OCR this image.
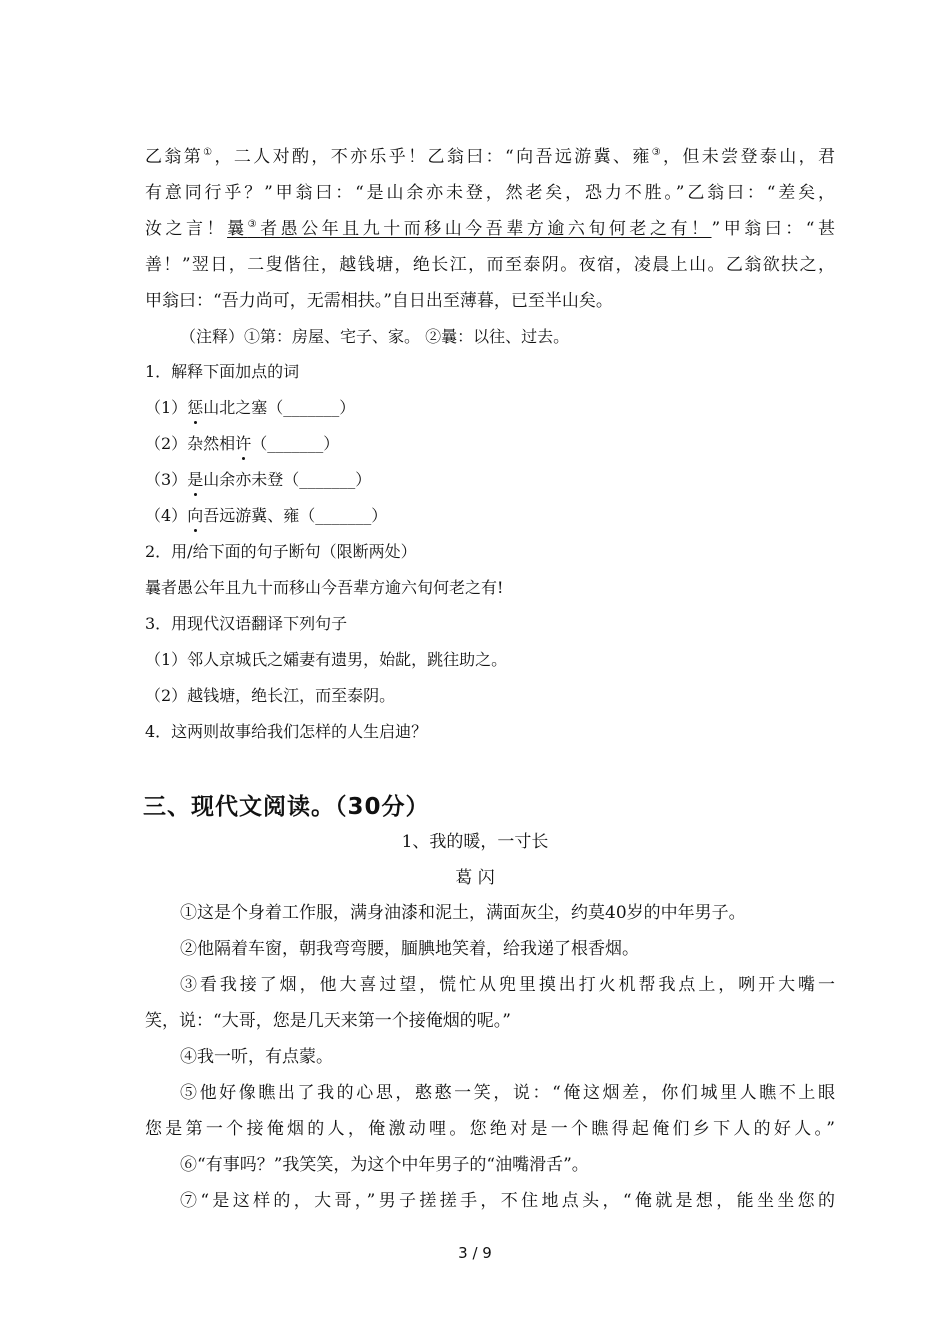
乙翁第①，二人对酌，不亦乐乎！乙翁曰：“向吾远游冀、雍③，但未尝登泰山，君
有意同行乎？”甲翁曰：“是山余亦未登，然老矣，恐力不胜。”乙翁曰：“差矣，
汝之言！曩③者愚公年且九十而移山今吾辈方逾六旬何老之有！”甲翁曰：“甚
善！”翌日，二叟偕往，越钱塘，绝长江，而至泰阴。夜宿，凌晨上山。乙翁欲扶之，
甲翁曰：“吾力尚可，无需相扶。”自日出至薄暮，已至半山矣。
（注释）①第：房屋、宅子、家。 ②曩：以往、过去。
1．解释下面加点的词
（1）惩山北之塞（_______）
（2）杂然相许（_______）
（3）是山余亦未登（_______）
（4）向吾远游冀、雍（_______）
2．用/给下面的句子断句（限断两处）
曩者愚公年且九十而移山今吾辈方逾六旬何老之有!
3．用现代汉语翻译下列句子
（1）邻人京城氏之孀妻有遗男，始龀，跳往助之。
（2）越钱塘，绝长江，而至泰阴。
4．这两则故事给我们怎样的人生启迪？
三、现代文阅读。（30分）
1、我的暖，一寸长
葛 闪
①这是个身着工作服，满身油漆和泥土，满面灰尘，约莫40岁的中年男子。
②他隔着车窗，朝我弯弯腰，腼腆地笑着，给我递了根香烟。
③看我接了烟，他大喜过望，慌忙从兜里摸出打火机帮我点上，咧开大嘴一
笑，说：“大哥，您是几天来第一个接俺烟的呢。”
④我一听，有点蒙。
⑤他好像瞧出了我的心思，憨憨一笑，说：“俺这烟差，你们城里人瞧不上眼
您是第一个接俺烟的人，俺激动哩。您绝对是一个瞧得起俺们乡下人的好人。”
⑥“有事吗？”我笑笑，为这个中年男子的“油嘴滑舌”。
⑦“是这样的，大哥，”男子搓搓手，不住地点头，“俺就是想，能坐坐您的
3 / 9
